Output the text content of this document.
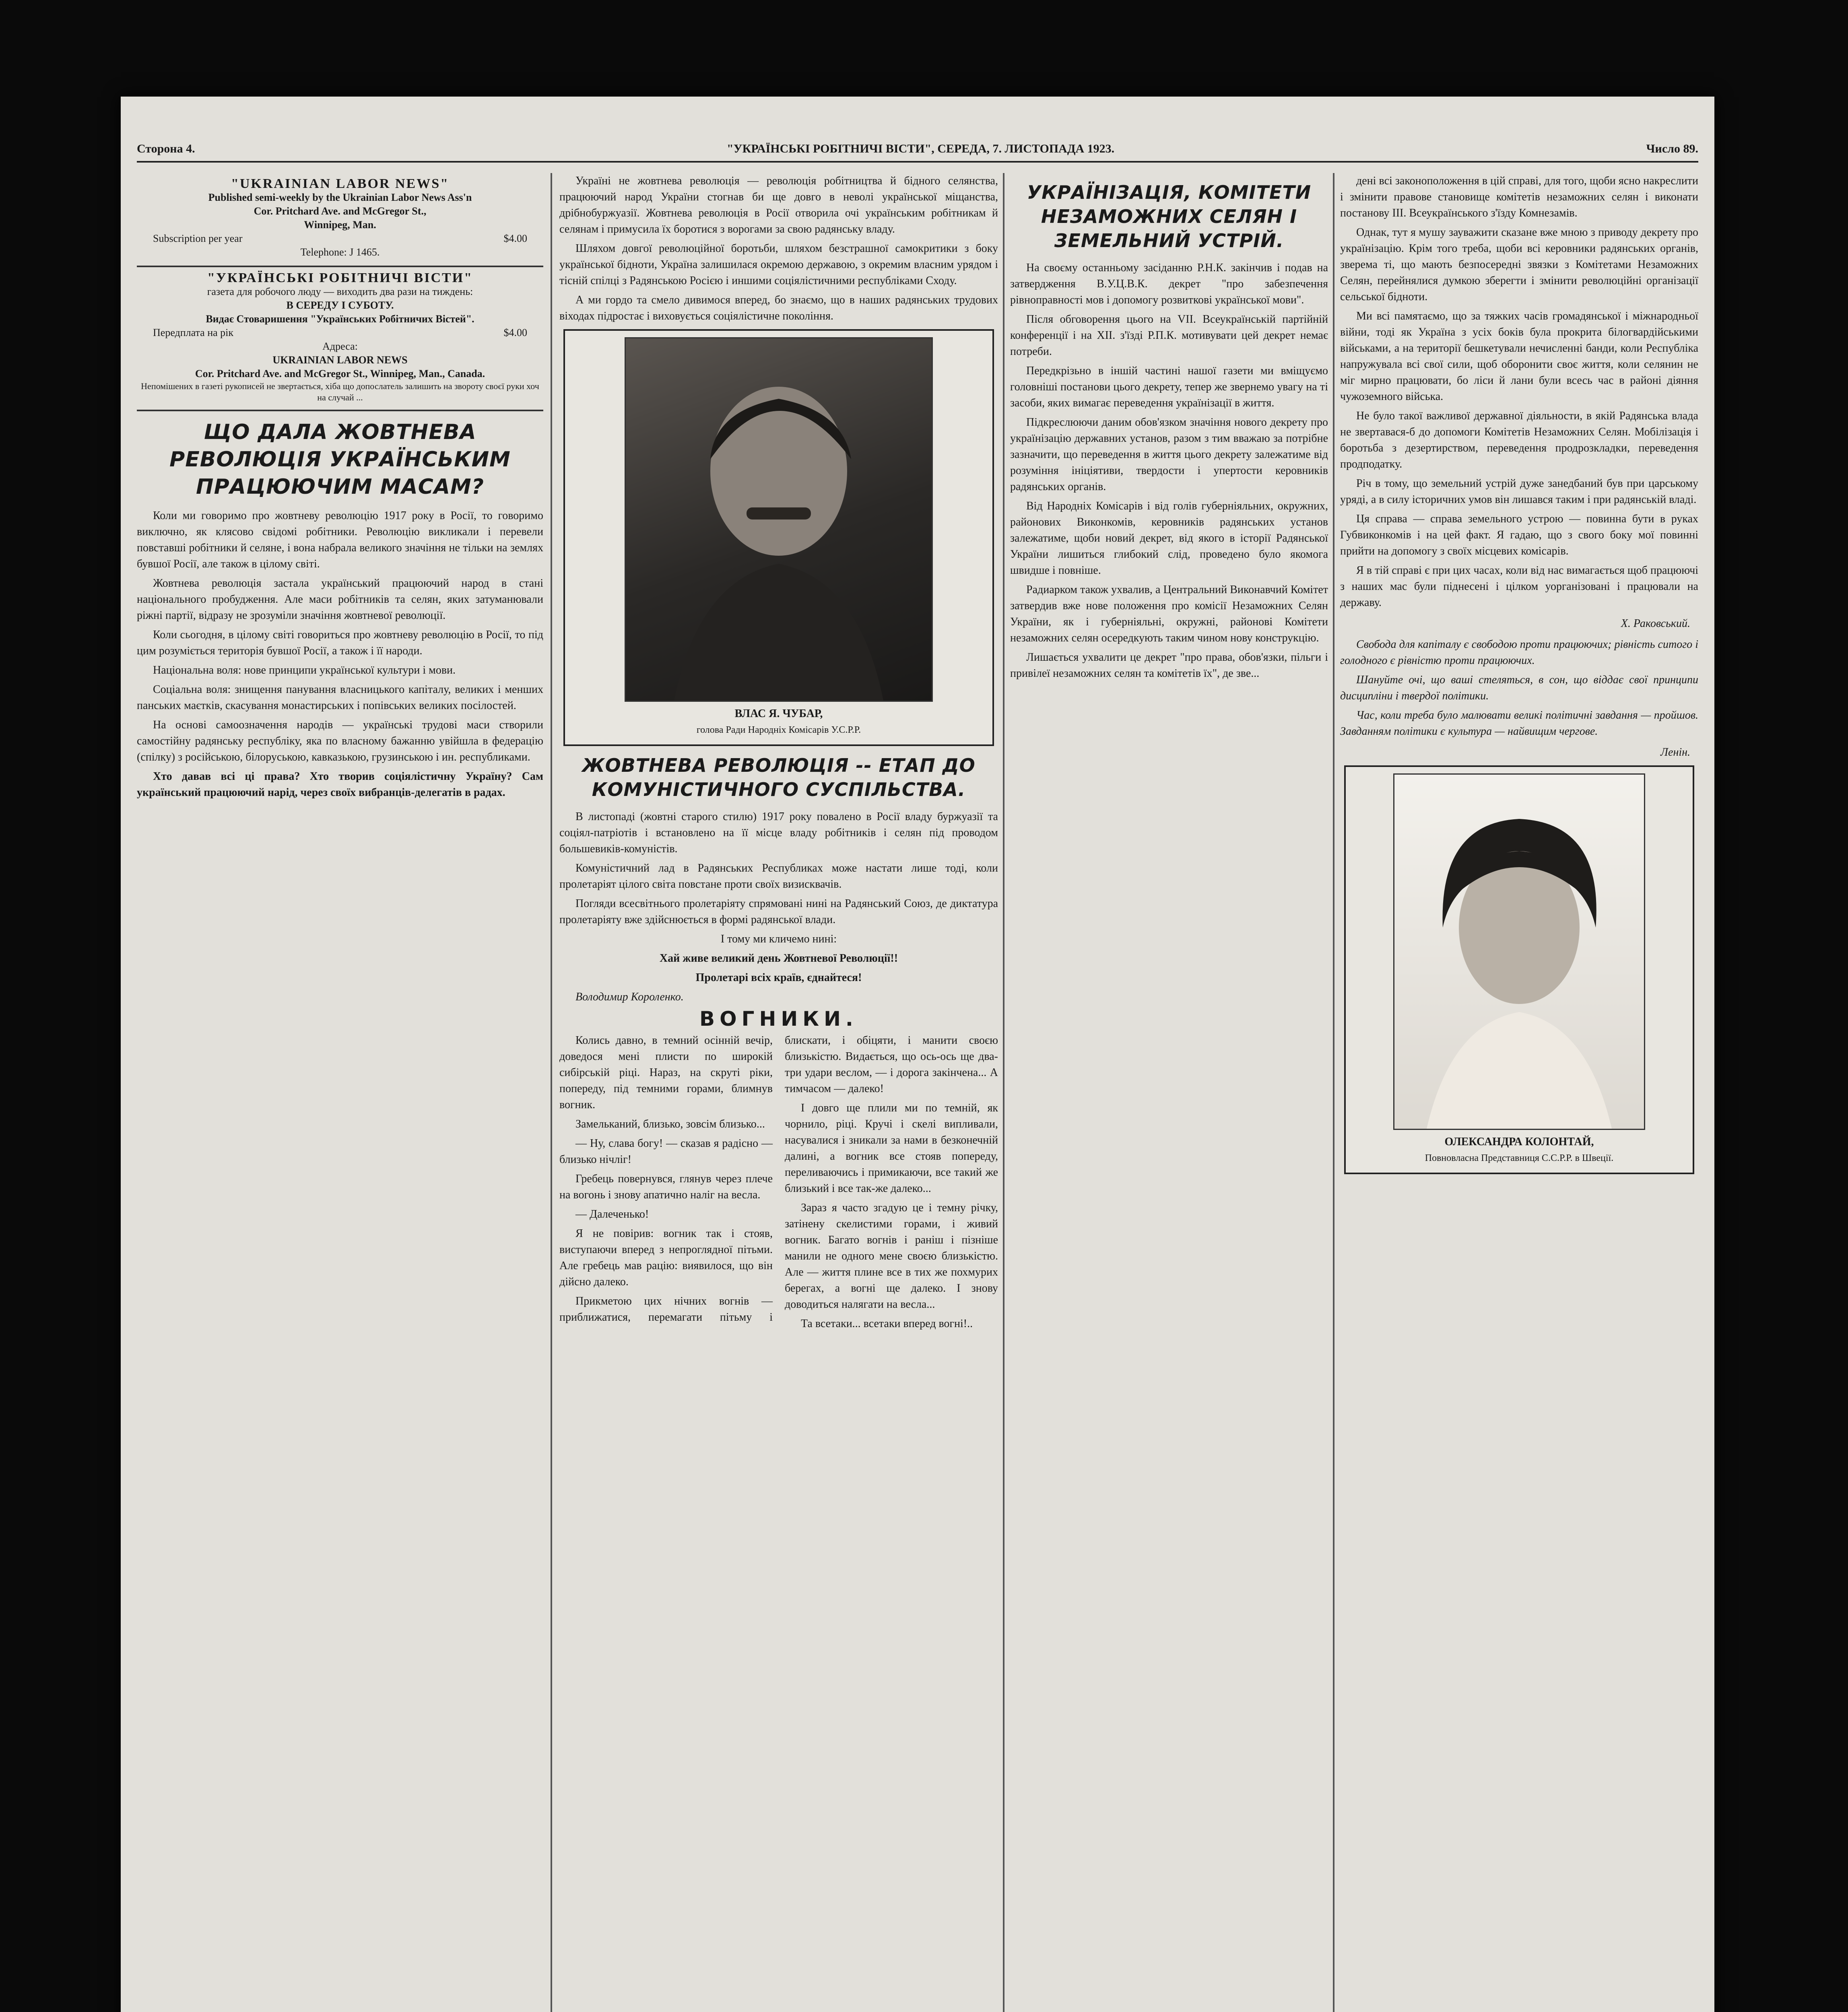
Сторона 4.	"УКРАЇНСЬКІ РОБІТНИЧІ ВІСТИ", СЕРЕДА, 7. ЛИСТОПАДА 1923.	Число 89.
"UKRAINIAN LABOR NEWS"
Published semi-weekly by the Ukrainian Labor News Ass'n
Cor. Pritchard Ave. and McGregor St.,
Winnipeg, Man.
Subscription per year	$4.00
Telephone: J 1465.
"УКРАЇНСЬКІ РОБІТНИЧІ ВІСТИ"
газета для робочого люду — виходить два рази на тиждень:
В СЕРЕДУ І СУБОТУ.
Видає Стоваришення "Українських Робітничих Вістей".
Передплата на рік	$4.00
Адреса:
UKRAINIAN LABOR NEWS
Cor. Pritchard Ave. and McGregor St., Winnipeg, Man., Canada.
Непомішених в газеті рукописей не звертається, хіба що допослатель залишить на звороту своєї руки хоч на случай ...
ЩО ДАЛА ЖОВТНЕВА РЕВОЛЮЦІЯ УКРАЇНСЬКИМ ПРАЦЮЮЧИМ МАСАМ?

Коли ми говоримо про жовтневу революцію 1917 року в Росії, то говоримо виключно, як клясово свідомі робітники. Революцію викликали і перевели повставші робітники й селяне, і вона набрала великого значіння не тільки на землях бувшої Росії, але також в цілому світі.

Жовтнева революція застала український працюючий народ в стані національного пробудження. Але маси робітників та селян, яких затуманювали ріжні партії, відразу не зрозуміли значіння жовтневої революції.

Коли сьогодня, в цілому світі говориться про жовтневу революцію в Росії, то під цим розуміється територія бувшої Росії, а також і її народи.

Національна воля: нове принципи української культури і мови.

Соціальна воля: знищення панування власницького капіталу, великих і менших панських маєтків, скасування монастирських і попівських великих посілостей.

На основі самоозначення народів — українські трудові маси створили самостійну радянську республіку, яка по власному бажанню увійшла в федерацію (спілку) з російською, білоруською, кавказькою, грузинською і ин. республиками.

Хто давав всі ці права? Хто творив соціялістичну Україну? Сам український працюючий нарід, через своїх вибранців-делегатів в радах.

Україні не жовтнева революція — революція робітництва й бідного селянства, працюючий народ України стогнав би ще довго в неволі української міщанства, дрібнобуржуазії. Жовтнева революція в Росії отворила очі українським робітникам й селянам і примусила їх боротися з ворогами за свою радянську владу.

Шляхом довгої революційної боротьби, шляхом безстрашної самокритики з боку української бідноти, Україна залишилася окремою державою, з окремим власним урядом і тісній спілці з Радянською Росією і иншими соціялістичними республіками Сходу.

А ми гордо та смело дивимося вперед, бо знаємо, що в наших радянських трудових віходах підростає і виховується соціялістичне покоління.

ВЛАС Я. ЧУБАР,
голова Ради Народніх Комісарів У.С.Р.Р.
ЖОВТНЕВА РЕВОЛЮЦІЯ -- ЕТАП ДО КОМУНІСТИЧНОГО СУСПІЛЬСТВА.

В листопаді (жовтні старого стилю) 1917 року повалено в Росії владу буржуазії та соціял-патріотів і встановлено на її місце владу робітників і селян під проводом большевиків-комуністів.

Комуністичний лад в Радянських Республиках може настати лише тоді, коли пролетаріят цілого світа повстане проти своїх визисквачів.

Погляди всесвітнього пролетаріяту спрямовані нині на Радянський Союз, де диктатура пролетаріяту вже здійснюється в формі радянської влади.

І тому ми кличемо нині:

Хай живе великий день Жовтневої Революції!!

Пролетарі всіх країв, єднайтеся!

Володимир Короленко.

ВОГНИКИ.

Колись давно, в темний осінній вечір, доведося мені плисти по широкій сибірській ріці. Нараз, на скруті ріки, попереду, під темними горами, блимнув вогник.

Замельканий, близько, зовсім близько...

— Ну, слава богу! — сказав я радісно — близько нічліг!

Гребець повернувся, глянув через плече на вогонь і знову апатично наліг на весла.

— Далеченько!

Я не повірив: вогник так і стояв, виступаючи вперед з непроглядної пітьми. Але гребець мав рацію: виявилося, що він дійсно далеко.

Прикметою цих нічних вогнів — приближатися, перемагати пітьму і блискати, і обіцяти, і манити своєю близькістю. Видається, що ось-ось ще два-три удари веслом, — і дорога закінчена... А тимчасом — далеко!

І довго ще плили ми по темній, як чорнило, ріці. Кручі і скелі випливали, насувалися і зникали за нами в безконечній далині, а вогник все стояв попереду, переливаючись і примикаючи, все такий же близький і все так-же далеко...

Зараз я часто згадую це і темну річку, затінену скелистими горами, і живий вогник. Багато вогнів і раніш і пізніше манили не одного мене своєю близькістю. Але — життя плине все в тих же похмурих берегах, а вогні ще далеко. І знову доводиться налягати на весла...

Та всетаки... всетаки вперед вогні!..

УКРАЇНІЗАЦІЯ, КОМІТЕТИ НЕЗАМОЖНИХ СЕЛЯН І ЗЕМЕЛЬНИЙ УСТРІЙ.

На своєму останньому засіданню Р.Н.К. закінчив і подав на затвердження В.У.Ц.В.К. декрет "про забезпечення рівноправності мов і допомогу розвиткові української мови".

Після обговорення цього на VII. Всеукраїнській партійній конференції і на XII. з'їзді Р.П.К. мотивувати цей декрет немає потреби.

Передкрізьно в іншій частині нашої газети ми вміщуємо головніші постанови цього декрету, тепер же звернемо увагу на ті засоби, яких вимагає переведення українізації в життя.

Підкреслюючи даним обов'язком значіння нового декрету про українізацію державних установ, разом з тим вважаю за потрібне зазначити, що переведення в життя цього декрету залежатиме від розуміння ініціятиви, твердости і упертости керовників радянських органів.

Від Народніх Комісарів і від голів губерніяльних, окружних, районових Виконкомів, керовників радянських установ залежатиме, щоби новий декрет, від якого в історії Радянської України лишиться глибокий слід, проведено було якомога швидше і повніше.

Радиарком також ухвалив, а Центральний Виконавчий Комітет затвердив вже нове положення про комісії Незаможних Селян України, як і губерніяльні, окружні, районові Комітети незаможних селян осередкують таким чином нову конструкцію.

Лишається ухвалити це декрет "про права, обов'язки, пільги і привілеї незаможних селян та комітетів їх", де зве...

дені всі законоположення в цій справі, для того, щоби ясно накреслити і змінити правове становище комітетів незаможних селян і виконати постанову III. Всеукраїнського з'їзду Комнезамів.

Однак, тут я мушу зауважити сказане вже мною з приводу декрету про українізацію. Крім того треба, щоби всі керовники радянських органів, зверема ті, що мають безпосередні звязки з Комітетами Незаможних Селян, перейнялися думкою зберегти і змінити революційні організації сельської бідноти.

Ми всі памятаємо, що за тяжких часів громадянської і міжнародньої війни, тоді як Україна з усіх боків була прокрита білогвардійськими військами, а на території бешкетували нечисленні банди, коли Республіка напружувала всі свої сили, щоб оборонити своє життя, коли селянин не міг мирно працювати, бо ліси й лани були всесь час в районі діяння чужоземного війська.

Не було такої важливої державної діяльности, в якій Радянська влада не звертавася-б до допомоги Комітетів Незаможних Селян. Мобілізація і боротьба з дезертирством, переведення продрозкладки, переведення продподатку.

Річ в тому, що земельний устрій дуже занедбаний був при царському уряді, а в силу історичних умов він лишався таким і при радянській владі.

Ця справа — справа земельного устрою — повинна бути в руках Губвиконкомів і на цей факт. Я гадаю, що з свого боку мої повинні прийти на допомогу з своїх місцевих комісарів.

Я в тій справі є при цих часах, коли від нас вимагається щоб працюючі з наших мас були піднесені і цілком уорганізовані і працювали на державу.

Х. Раковський.

Свобода для капіталу є свободою проти працюючих; рівність ситого і голодного є рівністю проти працюючих.

Шануйте очі, що ваші стеляться, в сон, що віддає свої принципи дисципліни і твердої політики.

Час, коли треба було малювати великі політичні завдання — пройшов. Завданням політики є культура — найвищим чергове.

Ленін.
ОЛЕКСАНДРА КОЛОНТАЙ,
Повновласна Представниця С.С.Р.Р. в Швеції.
